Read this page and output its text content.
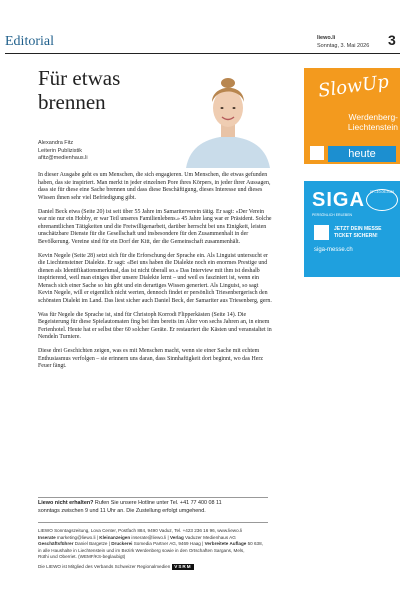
Editorial	liewo.li
Sonntag, 3. Mai 2026 3
Für etwas
brennen
Alexandra Fitz
Leiterin Publizistik
afitz@medienhaus.li

In dieser Ausgabe geht es um Menschen, die sich engagieren. Um Menschen, die etwas gefunden haben, das sie inspiriert. Man merkt in jeder einzelnen Pore ihres Körpers, in jeder ihrer Aussagen, dass sie für diese eine Sache brennen und dass diese Beschäftigung, dieses Interesse und dieses Wissen ihnen sehr viel Befriedigung gibt.

Daniel Beck etwa (Seite 20) ist seit über 55 Jahre im Samariterverein tätig. Er sagt: «Der Verein war nie nur ein Hobby, er war Teil unseres Familienlebens.» 45 Jahre lang war er Präsident. Solche ehrenamtlichen Tätigkeiten und die Freiwilligenarbeit, darüber herrscht bei uns Einigkeit, leisten unschätzbare Dienste für die Gesellschaft und insbesondere für den Zusammenhalt in der Bevölkerung. Vereine sind für ein Dorf der Kitt, der die Gemeinschaft zusammenhält.

Kevin Negele (Seite 28) setzt sich für die Erforschung der Sprache ein. Als Linguist untersucht er die Liechtensteiner Dialekte. Er sagt: «Bei uns haben die Dialekte noch ein enormes Prestige und dienen als Identifikationsmerkmal, das ist nicht überall so.» Das Interview mit ihm ist deshalb inspirierend, weil man einiges über unsere Dialekte lernt – und weil es fasziniert ist, wenn ein Mensch sich einer Sache so hin gibt und ein derartiges Wissen generiert. Als Linguist, so sagt Kevin Negele, will er eigentlich nicht werten, dennoch findet er persönlich Triesenbergerisch den schönsten Dialekt im Land. Das liest sicher auch Daniel Beck, der Samariter aus Triesenberg, gern.

Was für Negele die Sprache ist, sind für Christoph Korrodi Flipperkästen (Seite 14). Die Begeisterung für diese Spielautomaten fing bei ihm bereits im Alter von sechs Jahren an, in einem Ferienhotel. Heute hat er selbst über 60 solcher Geräte. Er restauriert die Kästen und veranstaltet in Nendeln Turniere.

Diese drei Geschichten zeigen, was es mit Menschen macht, wenn sie einer Sache mit echtem Enthusiasmus verfolgen – sie erinnern uns daran, dass Sinnhaftigkeit dort beginnt, wo das Herz Feuer fängt.

SlowUp
Werdenberg-Liechtenstein
heute
SIGA
PERSÖNLICH ERLEBEN
07.–10.05.2026
JETZT DEIN MESSE TICKET SICHERN!
siga-messe.ch
Liewo nicht erhalten? Rufen Sie unsere Hotline unter Tel. +41 77 400 08 11
sonntags zwischen 9 und 11 Uhr an. Die Zustellung erfolgt umgehend.
LIEWO Sonntagszeitung, Lova Center, Postfach 884, 9490 Vaduz, Tel. +423 236 16 96, www.liewo.li
Inserate marketing@liewo.li | Kleinanzeigen inserate@liewo.li | Verlag Vaduzer Medienhaus AG
Geschäftsführer Daniel Bargetze | Druckerei Somedia Partner AG, 9469 Haag | Verbreitete Auflage 50 638,
in alle Haushalte in Liechtenstein und im Bezirk Werdenberg sowie in den Ortschaften Sargans, Mels,
Rüthi und Oberriet. (WEMF/KS-beglaubigt)
Die LIEWO ist Mitglied des Verbands Schweizer Regionalmedien VSRM
